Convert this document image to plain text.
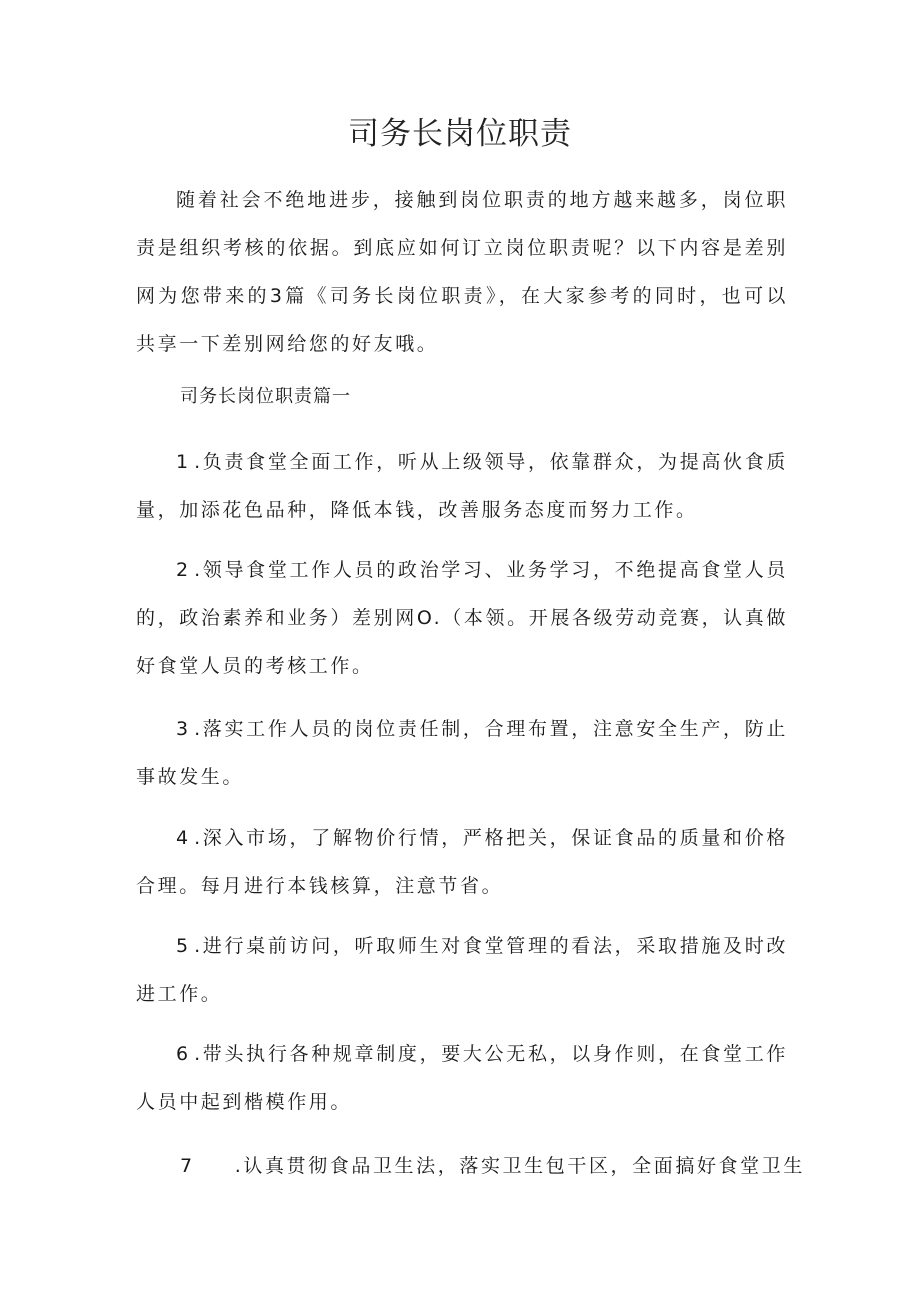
司务长岗位职责

随着社会不绝地进步，接触到岗位职责的地方越来越多，岗位职责是组织考核的依据。到底应如何订立岗位职责呢？以下内容是差别网为您带来的3篇《司务长岗位职责》，在大家参考的同时，也可以共享一下差别网给您的好友哦。

司务长岗位职责篇一

1.负责食堂全面工作，听从上级领导，依靠群众，为提高伙食质量，加添花色品种，降低本钱，改善服务态度而努力工作。

2.领导食堂工作人员的政治学习、业务学习，不绝提高食堂人员的，政治素养和业务）差别网O.（本领。开展各级劳动竞赛，认真做好食堂人员的考核工作。

3.落实工作人员的岗位责任制，合理布置，注意安全生产，防止事故发生。

4.深入市场，了解物价行情，严格把关，保证食品的质量和价格合理。每月进行本钱核算，注意节省。

5.进行桌前访问，听取师生对食堂管理的看法，采取措施及时改进工作。

6.带头执行各种规章制度，要大公无私，以身作则，在食堂工作人员中起到楷模作用。

7 .认真贯彻食品卫生法，落实卫生包干区，全面搞好食堂卫生
